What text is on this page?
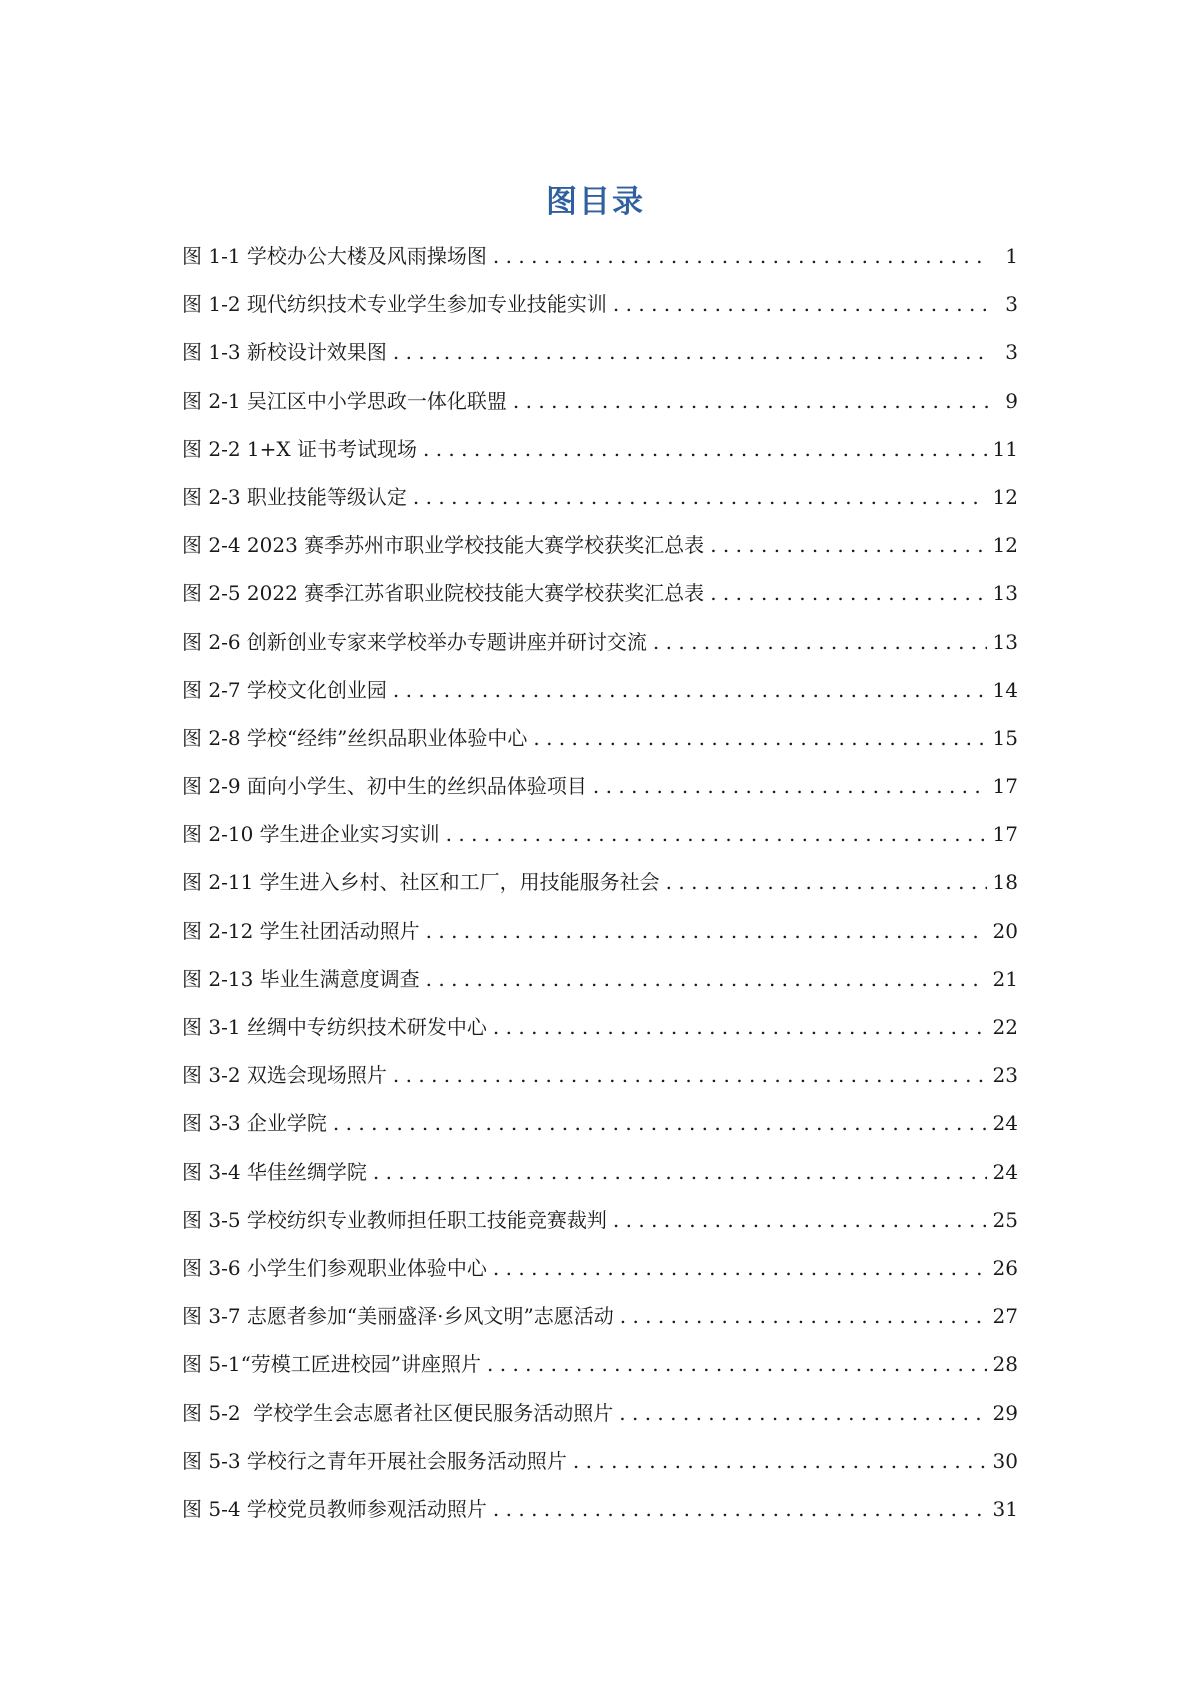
图目录
图 1-1 学校办公大楼及风雨操场图 . . .	1
图 1-2 现代纺织技术专业学生参加专业技能实训 . . .	3
图 1-3 新校设计效果图 . . .	3
图 2-1 吴江区中小学思政一体化联盟 . . .	9
图 2-2 1+X 证书考试现场 . . .	11
图 2-3 职业技能等级认定 . . .	12
图 2-4 2023 赛季苏州市职业学校技能大赛学校获奖汇总表 . . .	12
图 2-5 2022 赛季江苏省职业院校技能大赛学校获奖汇总表 . . .	13
图 2-6 创新创业专家来学校举办专题讲座并研讨交流 . . .	13
图 2-7 学校文化创业园 . . .	14
图 2-8 学校“经纬”丝织品职业体验中心 . . .	15
图 2-9 面向小学生、初中生的丝织品体验项目 . . .	17
图 2-10 学生进企业实习实训 . . .	17
图 2-11 学生进入乡村、社区和工厂，用技能服务社会 . . .	18
图 2-12 学生社团活动照片 . . .	20
图 2-13 毕业生满意度调查 . . .	21
图 3-1 丝绸中专纺织技术研发中心 . . .	22
图 3-2 双选会现场照片 . . .	23
图 3-3 企业学院 . . .	24
图 3-4 华佳丝绸学院 . . .	24
图 3-5 学校纺织专业教师担任职工技能竞赛裁判 . . .	25
图 3-6 小学生们参观职业体验中心 . . .	26
图 3-7 志愿者参加“美丽盛泽·乡风文明”志愿活动 . . .	27
图 5-1“劳模工匠进校园”讲座照片 . . .	28
图 5-2  学校学生会志愿者社区便民服务活动照片 . . .	29
图 5-3 学校行之青年开展社会服务活动照片 . . .	30
图 5-4 学校党员教师参观活动照片 . . .	31
